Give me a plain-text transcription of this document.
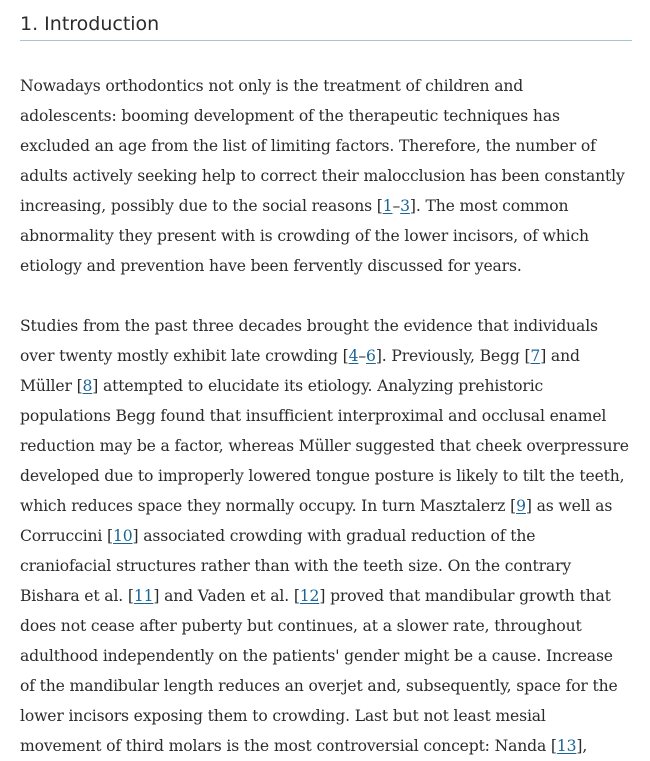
1. Introduction

Nowadays orthodontics not only is the treatment of children and
adolescents: booming development of the therapeutic techniques has
excluded an age from the list of limiting factors. Therefore, the number of
adults actively seeking help to correct their malocclusion has been constantly
increasing, possibly due to the social reasons [1–3]. The most common
abnormality they present with is crowding of the lower incisors, of which
etiology and prevention have been fervently discussed for years.

Studies from the past three decades brought the evidence that individuals
over twenty mostly exhibit late crowding [4–6]. Previously, Begg [7] and
Müller [8] attempted to elucidate its etiology. Analyzing prehistoric
populations Begg found that insufficient interproximal and occlusal enamel
reduction may be a factor, whereas Müller suggested that cheek overpressure
developed due to improperly lowered tongue posture is likely to tilt the teeth,
which reduces space they normally occupy. In turn Masztalerz [9] as well as
Corruccini [10] associated crowding with gradual reduction of the
craniofacial structures rather than with the teeth size. On the contrary
Bishara et al. [11] and Vaden et al. [12] proved that mandibular growth that
does not cease after puberty but continues, at a slower rate, throughout
adulthood independently on the patients' gender might be a cause. Increase
of the mandibular length reduces an overjet and, subsequently, space for the
lower incisors exposing them to crowding. Last but not least mesial
movement of third molars is the most controversial concept: Nanda [13],
